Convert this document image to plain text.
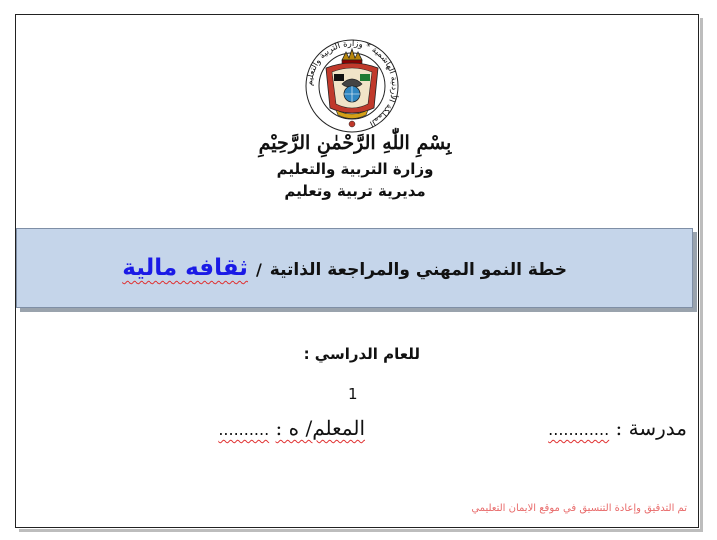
المملكة الأردنية الهاشمية * وزارة التربية والتعليم
بِسْمِ اللّٰهِ الرَّحْمٰنِ الرَّحِيْمِ
وزارة التربية والتعليم
مديرية تربية وتعليم
خطة النمو المهني والمراجعة الذاتية
/
ثقافه مالية
للعام الدراسي :
1
مدرسة : ............
المعلم/ ه : ..........
تم التدقيق وإعادة التنسيق في موقع الايمان التعليمي
